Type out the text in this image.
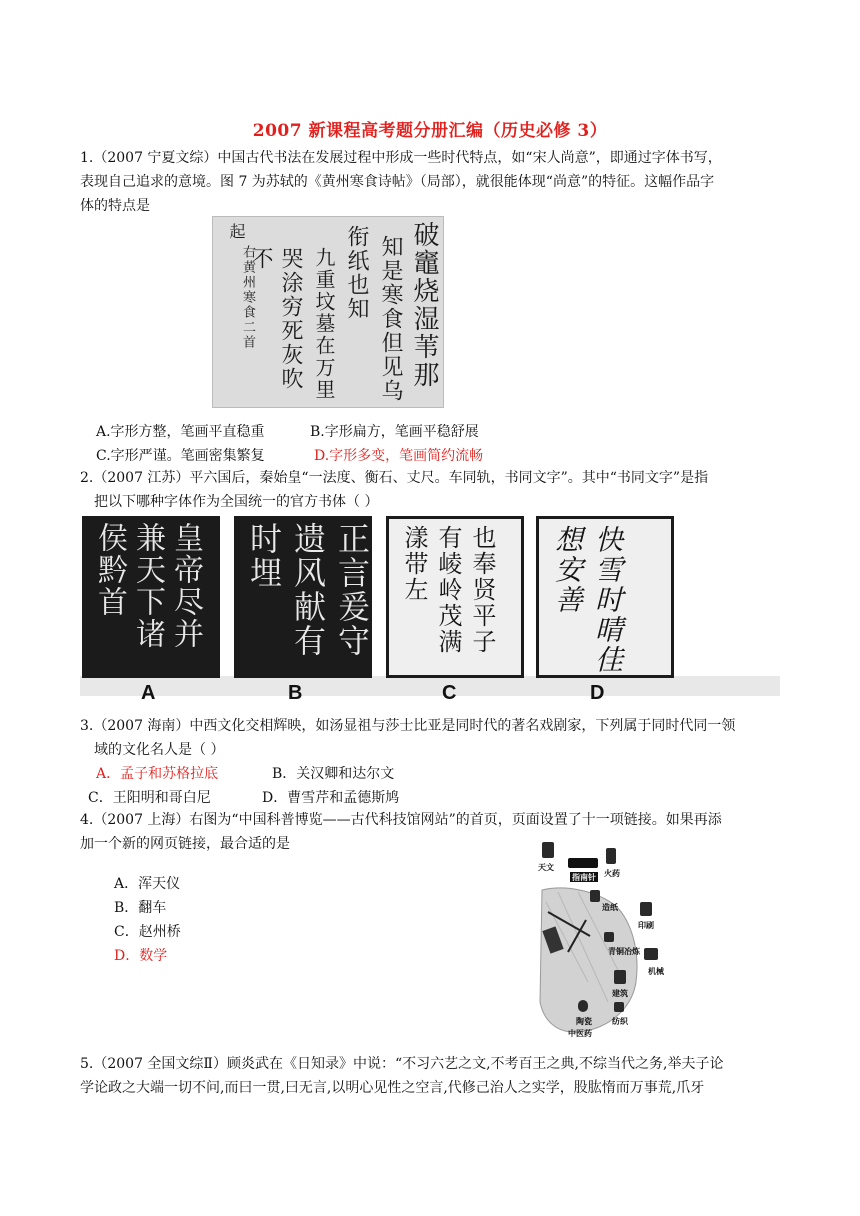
2007 新课程高考题分册汇编（历史必修 3）
1.（2007 宁夏文综）中国古代书法在发展过程中形成一些时代特点，如“宋人尚意”，即通过字体书写，
表现自己追求的意境。图 7 为苏轼的《黄州寒食诗帖》（局部），就很能体现“尚意”的特征。这幅作品字
体的特点是
破竈烧湿苇那
知是寒食但见乌
衔纸也知
九重坟墓在万里
哭涂穷死灰吹不
右黄州寒食二首
起
A.字形方整，笔画平直稳重	B.字形扁方，笔画平稳舒展
C.字形严谨。笔画密集繁复	D.字形多变，笔画简约流畅
2.（2007 江苏）平六国后，秦始皇“一法度、衡石、丈尺。车同轨，书同文字”。其中“书同文字”是指
把以下哪种字体作为全国统一的官方书体（ ）
皇帝尽并兼天下诸侯黔首	正言爰守遗风献有时埋	也奉贤平子有崚岭茂满漾带左	快雪时晴佳想安善
A	B	C	D
3.（2007 海南）中西文化交相辉映，如汤显祖与莎士比亚是同时代的著名戏剧家，下列属于同时代同一领
域的文化名人是（ ）
A．孟子和苏格拉底	B．关汉卿和达尔文
C．王阳明和哥白尼	D．曹雪芹和孟德斯鸠
4.（2007 上海）右图为“中国科普博览——古代科技馆网站”的首页，页面设置了十一项链接。如果再添
加一个新的网页链接，最合适的是
A．浑天仪
B．翻车
C．赵州桥
D．数学
天文
指南针 火药
造纸
印刷
青铜冶炼
机械
建筑
陶瓷	纺织
中医药
5.（2007 全国文综Ⅱ）顾炎武在《日知录》中说：“不习六艺之文,不考百王之典,不综当代之务,举夫子论
学论政之大端一切不问,而曰一贯,曰无言,以明心见性之空言,代修己治人之实学，股肱惰而万事荒,爪牙
